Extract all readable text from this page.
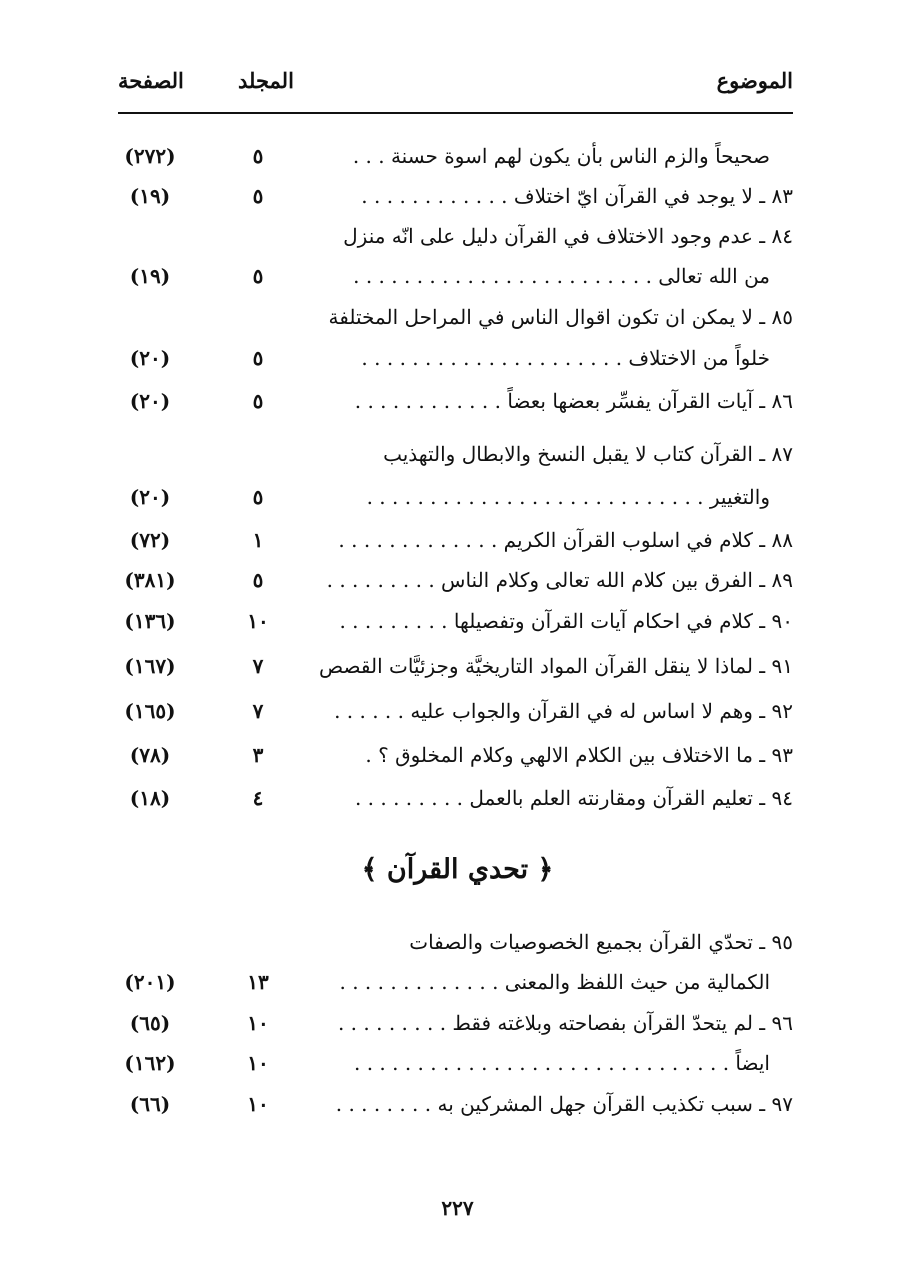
الموضوع
المجلد
الصفحة
صحيحاً والزم الناس بأن يكون لهم اسوة حسنة . . .
٥
(٢٧٢)
٨٣ ـ لا يوجد في القرآن ايّ اختلاف . . . . . . . . . . . .
٥
(١٩)
٨٤ ـ عدم وجود الاختلاف في القرآن دليل على انّه منزل
من الله تعالى . . . . . . . . . . . . . . . . . . . . . . . .
٥
(١٩)
٨٥ ـ لا يمكن ان تكون اقوال الناس في المراحل المختلفة
خلواً من الاختلاف . . . . . . . . . . . . . . . . . . . . .
٥
(٢٠)
٨٦ ـ آيات القرآن يفسِّر بعضها بعضاً . . . . . . . . . . . .
٥
(٢٠)
٨٧ ـ القرآن كتاب لا يقبل النسخ والابطال والتهذيب
والتغيير . . . . . . . . . . . . . . . . . . . . . . . . . . .
٥
(٢٠)
٨٨ ـ كلام في اسلوب القرآن الكريم . . . . . . . . . . . . .
١
(٧٢)
٨٩ ـ الفرق بين كلام الله تعالى وكلام الناس . . . . . . . . .
٥
(٣٨١)
٩٠ ـ كلام في احكام آيات القرآن وتفصيلها . . . . . . . . .
١٠
(١٣٦)
٩١ ـ لماذا لا ينقل القرآن المواد التاريخيَّة وجزئيَّات القصص
٧
(١٦٧)
٩٢ ـ وهم لا اساس له في القرآن والجواب عليه . . . . . .
٧
(١٦٥)
٩٣ ـ ما الاختلاف بين الكلام الالهي وكلام المخلوق ؟ .
٣
(٧٨)
٩٤ ـ تعليم القرآن ومقارنته العلم بالعمل . . . . . . . . .
٤
(١٨)
٩٥ ـ تحدّي القرآن بجميع الخصوصيات والصفات
الكمالية من حيث اللفظ والمعنى . . . . . . . . . . . . .
١٣
(٢٠١)
٩٦ ـ لم يتحدّ القرآن بفصاحته وبلاغته فقط . . . . . . . . .
١٠
(٦٥)
ايضاً . . . . . . . . . . . . . . . . . . . . . . . . . . . . . .
١٠
(١٦٢)
٩٧ ـ سبب تكذيب القرآن جهل المشركين به . . . . . . . .
١٠
(٦٦)
﴿ تحدي القرآن ﴾
٢٢٧
